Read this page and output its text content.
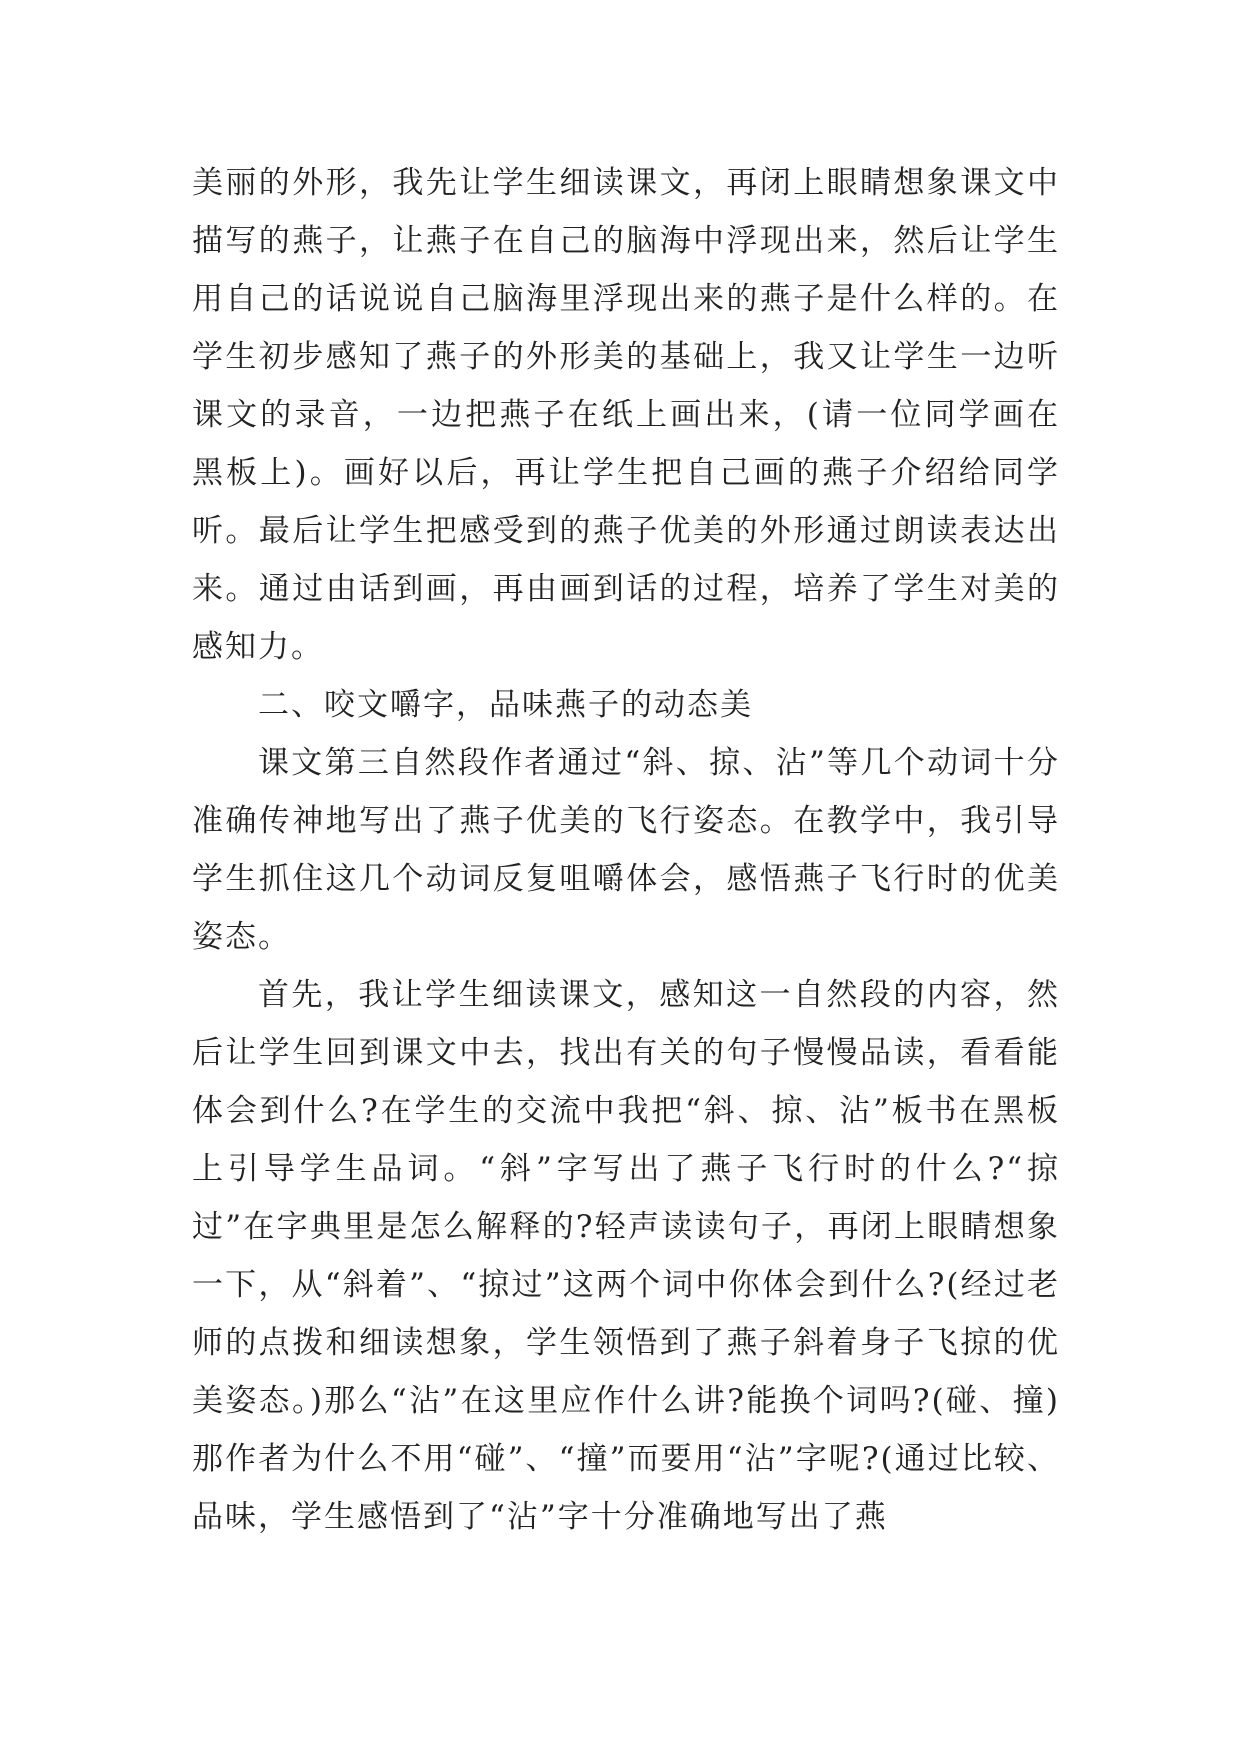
美丽的外形，我先让学生细读课文，再闭上眼睛想象课文中描写的燕子，让燕子在自己的脑海中浮现出来，然后让学生用自己的话说说自己脑海里浮现出来的燕子是什么样的。在学生初步感知了燕子的外形美的基础上，我又让学生一边听课文的录音，一边把燕子在纸上画出来，(请一位同学画在黑板上)。画好以后，再让学生把自己画的燕子介绍给同学听。最后让学生把感受到的燕子优美的外形通过朗读表达出来。通过由话到画，再由画到话的过程，培养了学生对美的感知力。

二、咬文嚼字，品味燕子的动态美

课文第三自然段作者通过“斜、掠、沾”等几个动词十分准确传神地写出了燕子优美的飞行姿态。在教学中，我引导学生抓住这几个动词反复咀嚼体会，感悟燕子飞行时的优美姿态。

首先，我让学生细读课文，感知这一自然段的内容，然后让学生回到课文中去，找出有关的句子慢慢品读，看看能体会到什么?在学生的交流中我把“斜、掠、沾”板书在黑板上引导学生品词。“斜”字写出了燕子飞行时的什么?“掠过”在字典里是怎么解释的?轻声读读句子，再闭上眼睛想象一下，从“斜着”、“掠过”这两个词中你体会到什么?(经过老师的点拨和细读想象，学生领悟到了燕子斜着身子飞掠的优美姿态。)那么“沾”在这里应作什么讲?能换个词吗?(碰、撞)那作者为什么不用“碰”、“撞”而要用“沾”字呢?(通过比较、品味，学生感悟到了“沾”字十分准确地写出了燕
